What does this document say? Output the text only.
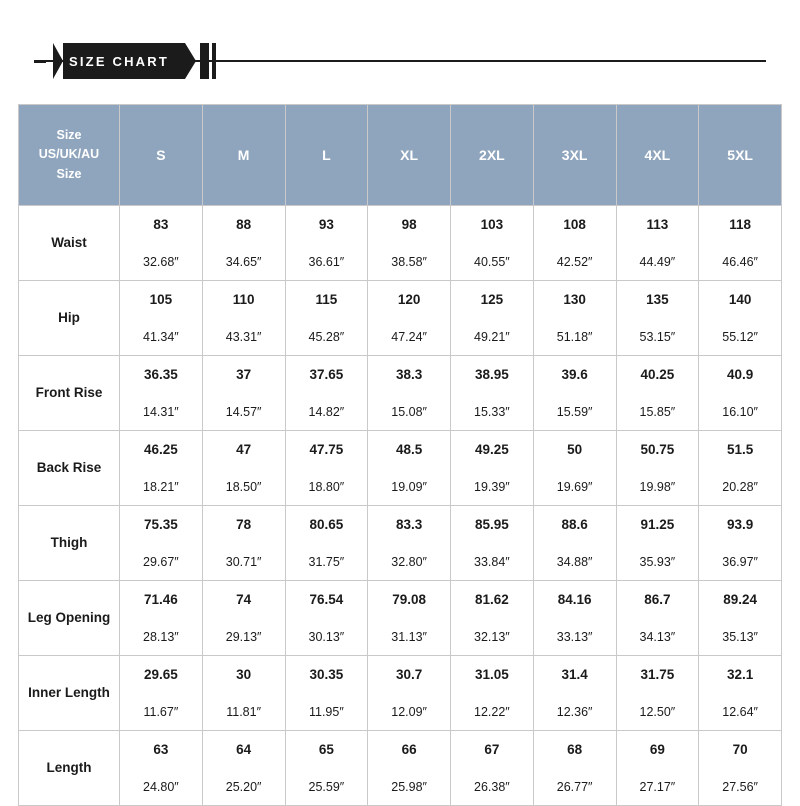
SIZE CHART
Size
US/UK/AU
Size	S	M	L	XL	2XL	3XL	4XL	5XL
Waist	83	88	93	98	103	108	113	118
	32.68″	34.65″	36.61″	38.58″	40.55″	42.52″	44.49″	46.46″
Hip	105	110	115	120	125	130	135	140
	41.34″	43.31″	45.28″	47.24″	49.21″	51.18″	53.15″	55.12″
Front Rise	36.35	37	37.65	38.3	38.95	39.6	40.25	40.9
	14.31″	14.57″	14.82″	15.08″	15.33″	15.59″	15.85″	16.10″
Back Rise	46.25	47	47.75	48.5	49.25	50	50.75	51.5
	18.21″	18.50″	18.80″	19.09″	19.39″	19.69″	19.98″	20.28″
Thigh	75.35	78	80.65	83.3	85.95	88.6	91.25	93.9
	29.67″	30.71″	31.75″	32.80″	33.84″	34.88″	35.93″	36.97″
Leg Opening	71.46	74	76.54	79.08	81.62	84.16	86.7	89.24
	28.13″	29.13″	30.13″	31.13″	32.13″	33.13″	34.13″	35.13″
Inner Length	29.65	30	30.35	30.7	31.05	31.4	31.75	32.1
	11.67″	11.81″	11.95″	12.09″	12.22″	12.36″	12.50″	12.64″
Length	63	64	65	66	67	68	69	70
	24.80″	25.20″	25.59″	25.98″	26.38″	26.77″	27.17″	27.56″
